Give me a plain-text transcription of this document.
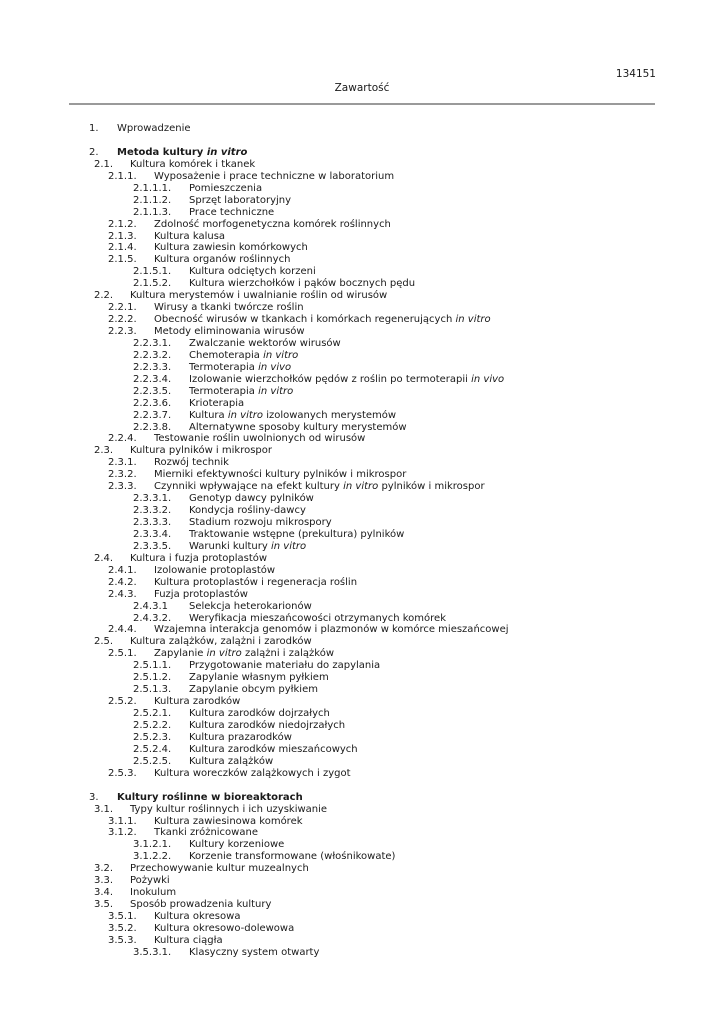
134151
Zawartość
1. Wprowadzenie
2. Metoda kultury in vitro
2.1. Kultura komórek i tkanek
2.1.1. Wyposażenie i prace techniczne w laboratorium
2.1.1.1. Pomieszczenia
2.1.1.2. Sprzęt laboratoryjny
2.1.1.3. Prace techniczne
2.1.2. Zdolność morfogenetyczna komórek roślinnych
2.1.3. Kultura kalusa
2.1.4. Kultura zawiesin komórkowych
2.1.5. Kultura organów roślinnych
2.1.5.1. Kultura odciętych korzeni
2.1.5.2. Kultura wierzchołków i pąków bocznych pędu
2.2. Kultura merystemów i uwalnianie roślin od wirusów
2.2.1. Wirusy a tkanki twórcze roślin
2.2.2. Obecność wirusów w tkankach i komórkach regenerujących in vitro
2.2.3. Metody eliminowania wirusów
2.2.3.1. Zwalczanie wektorów wirusów
2.2.3.2. Chemoterapia in vitro
2.2.3.3. Termoterapia in vivo
2.2.3.4. Izolowanie wierzchołków pędów z roślin po termoterapii in vivo
2.2.3.5. Termoterapia in vitro
2.2.3.6. Krioterapia
2.2.3.7. Kultura in vitro izolowanych merystemów
2.2.3.8. Alternatywne sposoby kultury merystemów
2.2.4. Testowanie roślin uwolnionych od wirusów
2.3. Kultura pylników i mikrospor
2.3.1. Rozwój technik
2.3.2. Mierniki efektywności kultury pylników i mikrospor
2.3.3. Czynniki wpływające na efekt kultury in vitro pylników i mikrospor
2.3.3.1. Genotyp dawcy pylników
2.3.3.2. Kondycja rośliny-dawcy
2.3.3.3. Stadium rozwoju mikrospory
2.3.3.4. Traktowanie wstępne (prekultura) pylników
2.3.3.5. Warunki kultury in vitro
2.4. Kultura i fuzja protoplastów
2.4.1. Izolowanie protoplastów
2.4.2. Kultura protoplastów i regeneracja roślin
2.4.3. Fuzja protoplastów
2.4.3.1 Selekcja heterokarionów
2.4.3.2. Weryfikacja mieszańcowości otrzymanych komórek
2.4.4. Wzajemna interakcja genomów i plazmonów w komórce mieszańcowej
2.5. Kultura zalążków, zalążni i zarodków
2.5.1. Zapylanie in vitro zalążni i zalążków
2.5.1.1. Przygotowanie materiału do zapylania
2.5.1.2. Zapylanie własnym pyłkiem
2.5.1.3. Zapylanie obcym pyłkiem
2.5.2. Kultura zarodków
2.5.2.1. Kultura zarodków dojrzałych
2.5.2.2. Kultura zarodków niedojrzałych
2.5.2.3. Kultura prazarodków
2.5.2.4. Kultura zarodków mieszańcowych
2.5.2.5. Kultura zalążków
2.5.3. Kultura woreczków zalążkowych i zygot
3. Kultury roślinne w bioreaktorach
3.1. Typy kultur roślinnych i ich uzyskiwanie
3.1.1. Kultura zawiesinowa komórek
3.1.2. Tkanki zróżnicowane
3.1.2.1. Kultury korzeniowe
3.1.2.2. Korzenie transformowane (włośnikowate)
3.2. Przechowywanie kultur muzealnych
3.3. Pożywki
3.4. Inokulum
3.5. Sposób prowadzenia kultury
3.5.1. Kultura okresowa
3.5.2. Kultura okresowo-dolewowa
3.5.3. Kultura ciągła
3.5.3.1. Klasyczny system otwarty
